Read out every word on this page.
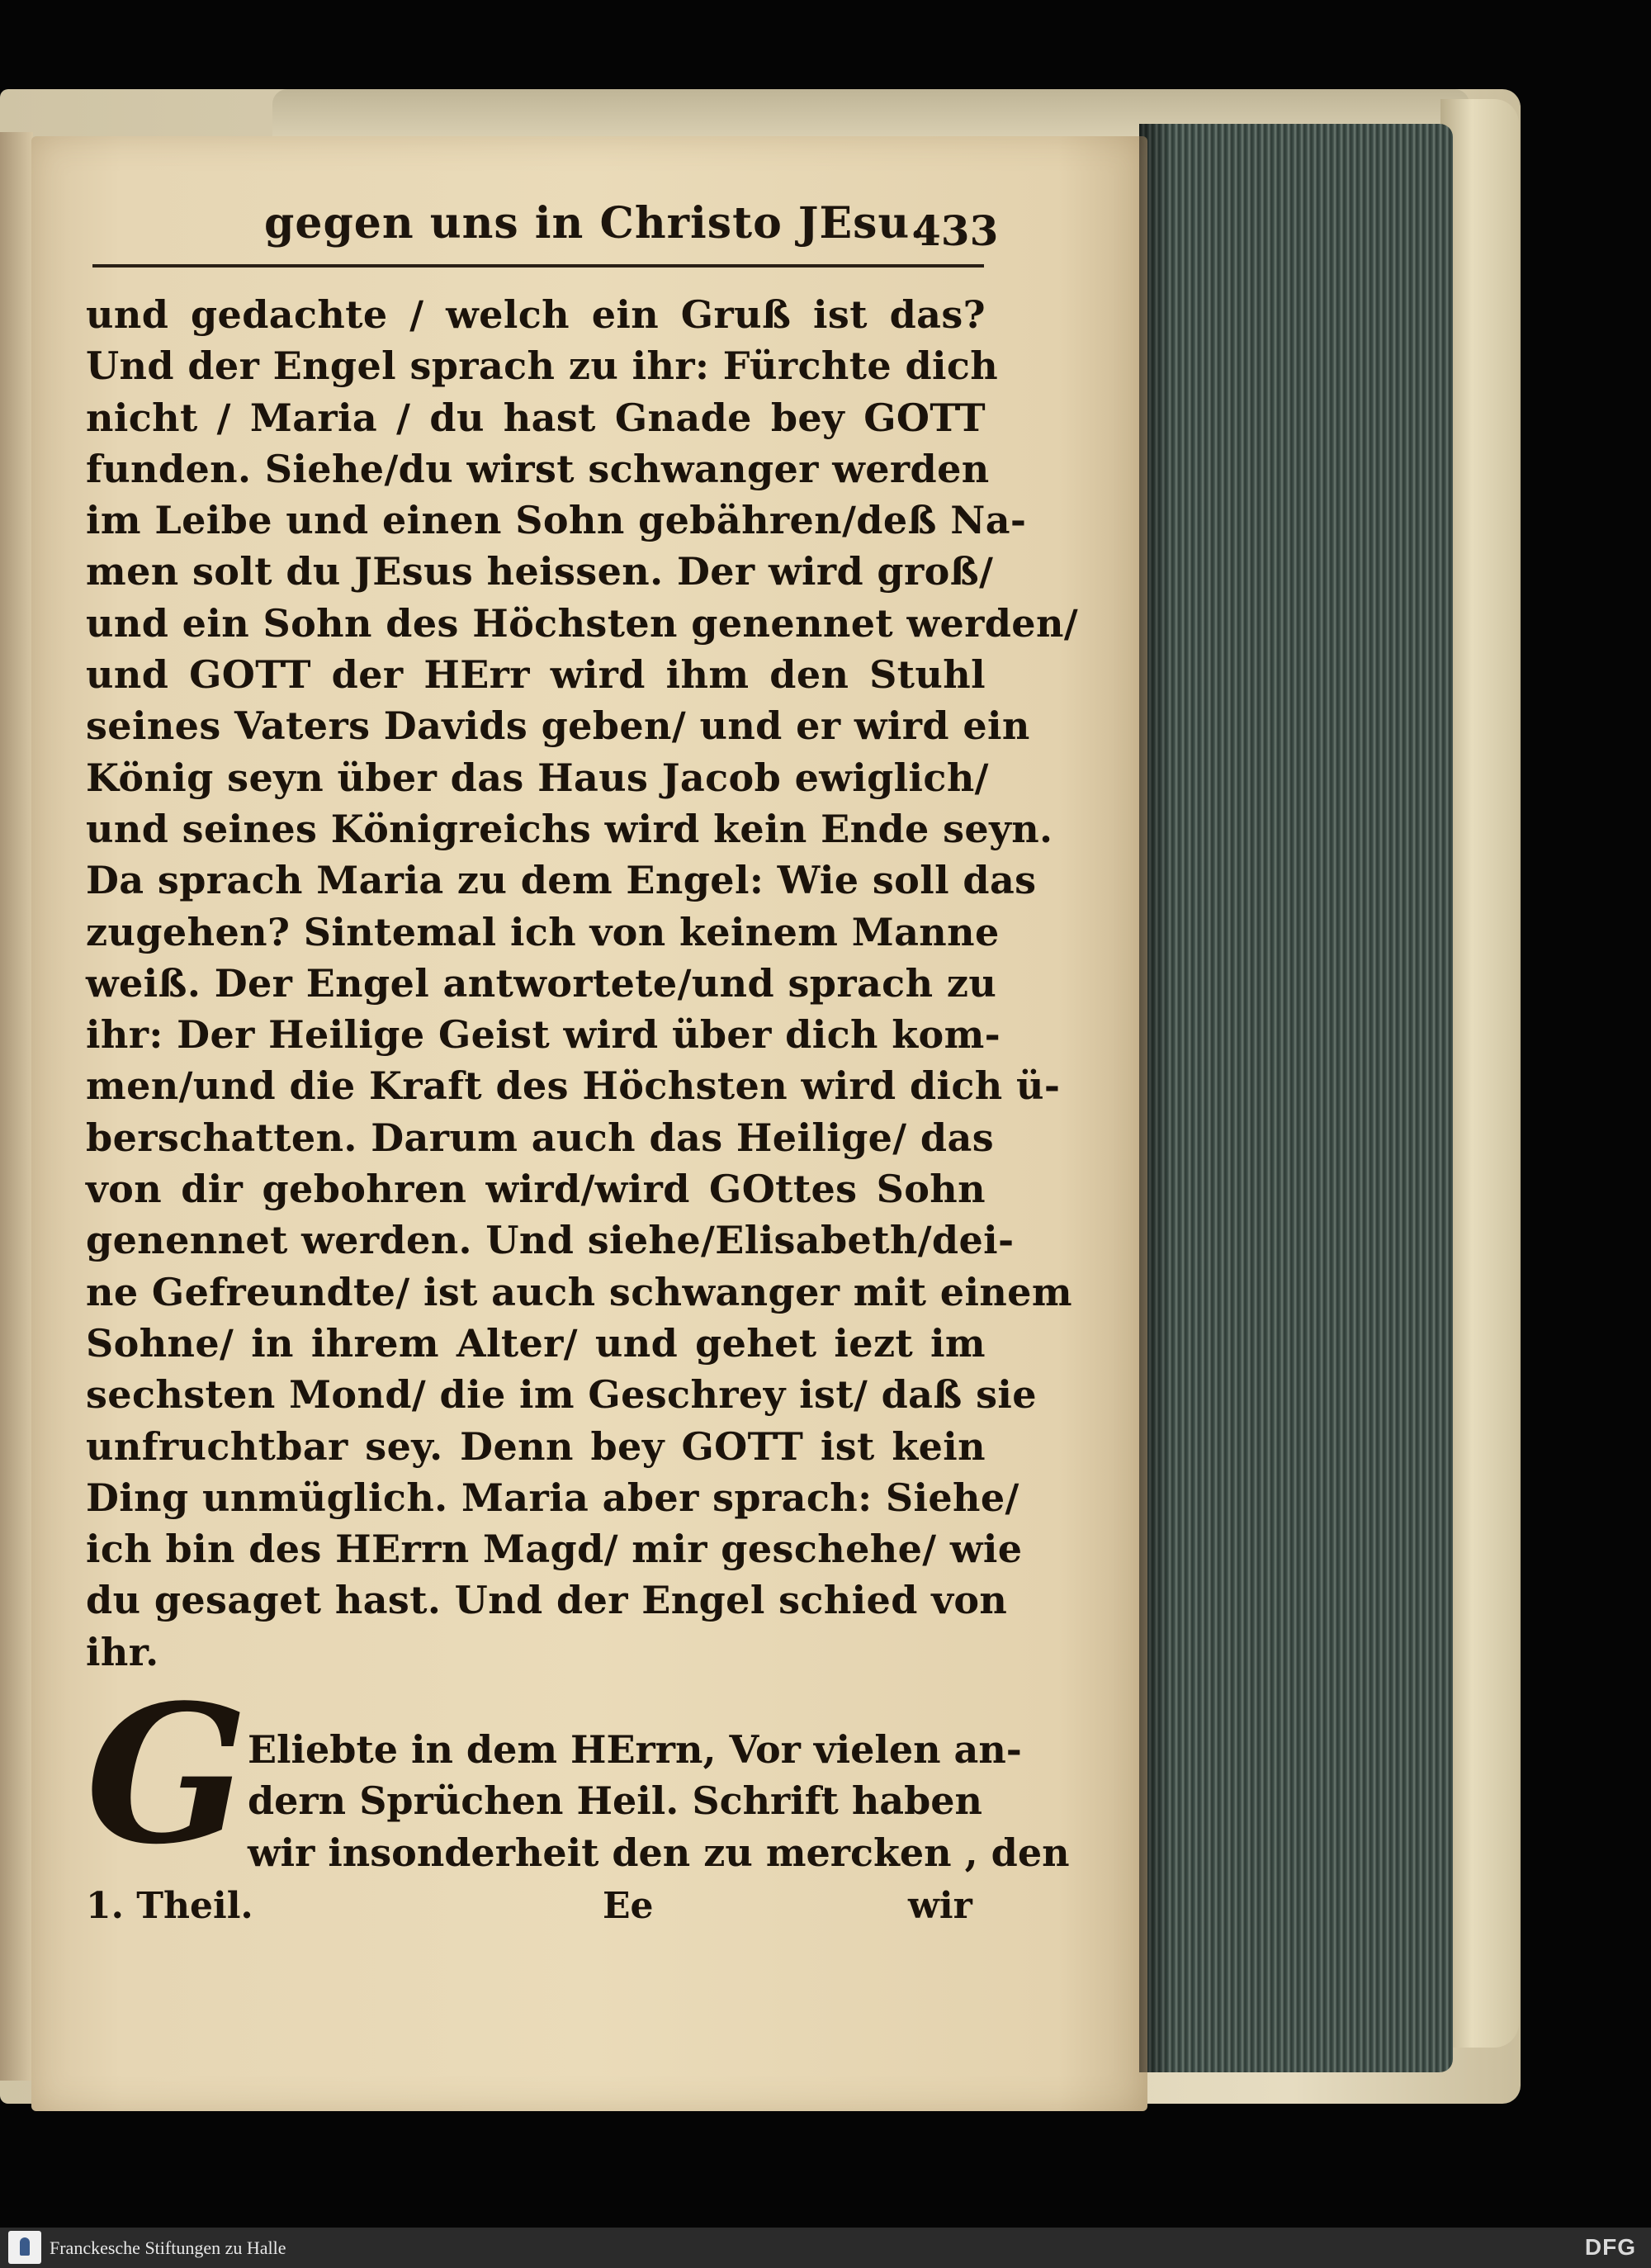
gegen uns in Christo JEsu.
433
und gedachte / welch ein Gruß ist das?
Und der Engel sprach zu ihr: Fürchte dich
nicht / Maria / du hast Gnade bey GOTT
funden. Siehe/du wirst schwanger werden
im Leibe und einen Sohn gebähren/deß Na-
men solt du JEsus heissen. Der wird groß/
und ein Sohn des Höchsten genennet werden/
und GOTT der HErr wird ihm den Stuhl
seines Vaters Davids geben/ und er wird ein
König seyn über das Haus Jacob ewiglich/
und seines Königreichs wird kein Ende seyn.
Da sprach Maria zu dem Engel: Wie soll das
zugehen? Sintemal ich von keinem Manne
weiß. Der Engel antwortete/und sprach zu
ihr: Der Heilige Geist wird über dich kom-
men/und die Kraft des Höchsten wird dich ü-
berschatten. Darum auch das Heilige/ das
von dir gebohren wird/wird GOttes Sohn
genennet werden. Und siehe/Elisabeth/dei-
ne Gefreundte/ ist auch schwanger mit einem
Sohne/ in ihrem Alter/ und gehet iezt im
sechsten Mond/ die im Geschrey ist/ daß sie
unfruchtbar sey. Denn bey GOTT ist kein
Ding unmüglich. Maria aber sprach: Siehe/
ich bin des HErrn Magd/ mir geschehe/ wie
du gesaget hast. Und der Engel schied von
ihr.
G Eliebte in dem HErrn, Vor vielen an-
dern Sprüchen Heil. Schrift haben
wir insonderheit den zu mercken , den
1. Theil.	Ee	wir
Franckesche Stiftungen zu Halle	DFG
